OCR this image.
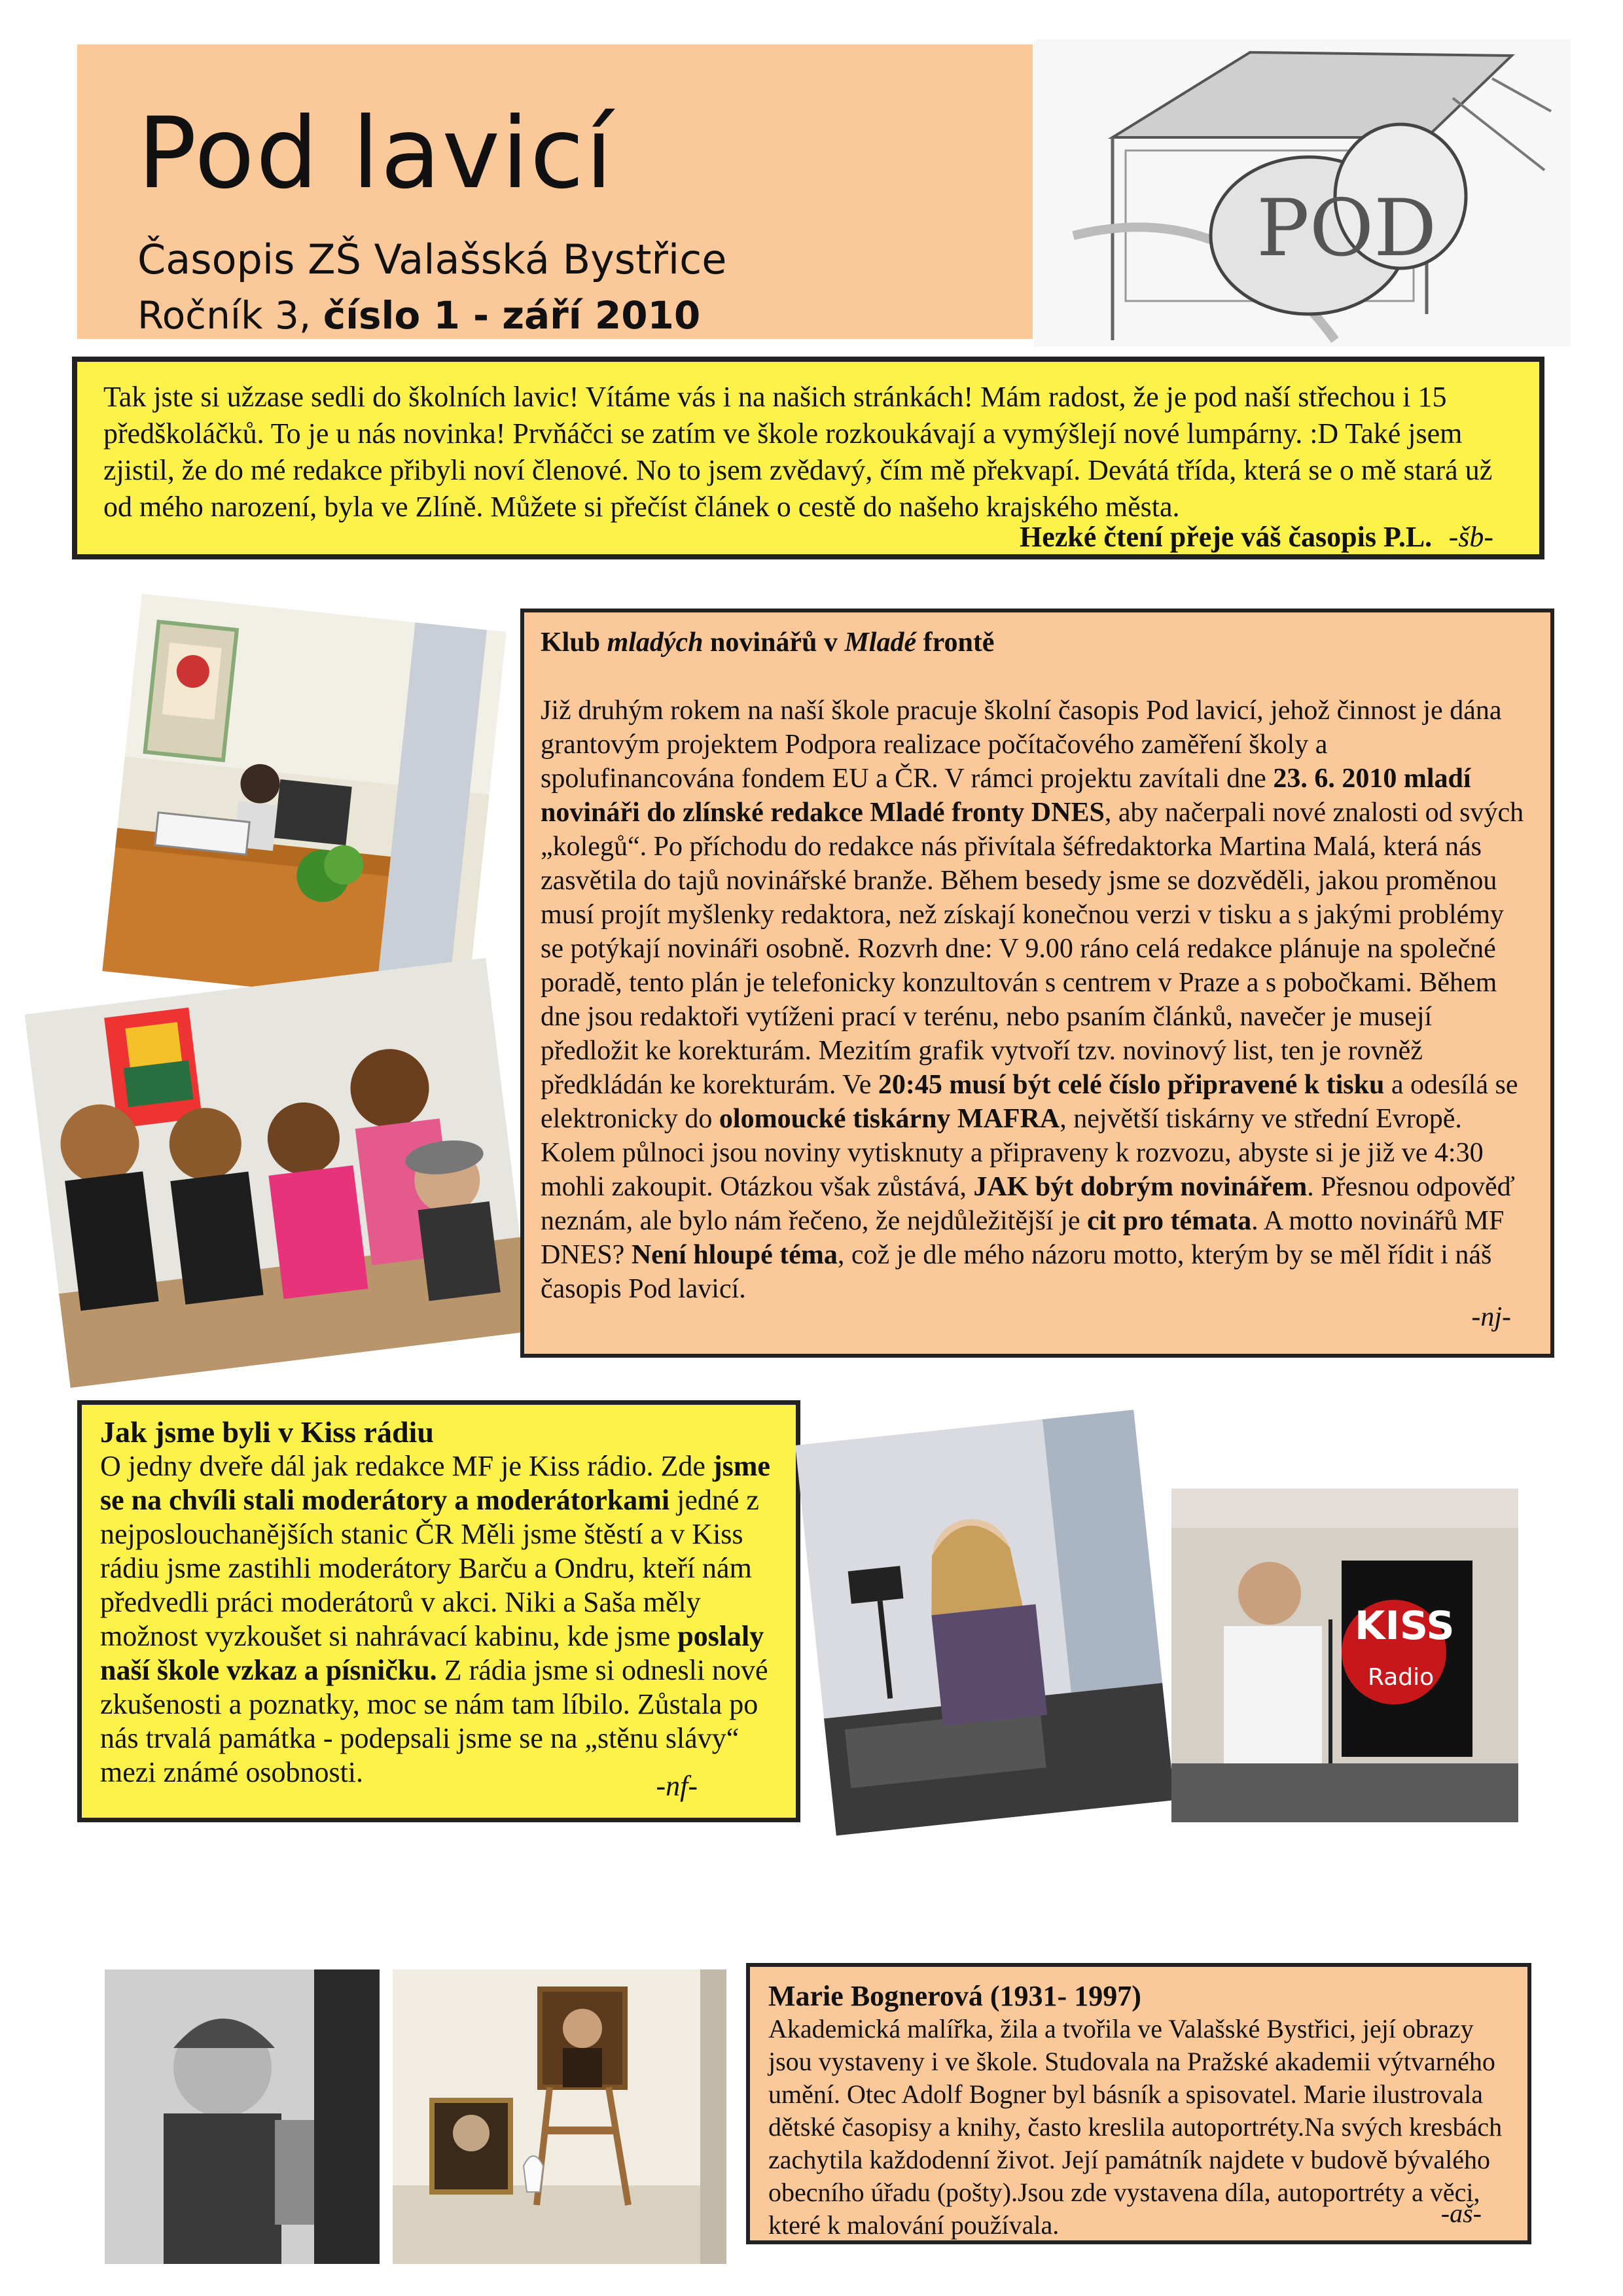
Pod lavicí
Časopis ZŠ Valašská Bystřice
Ročník 3, číslo 1 - září 2010
POD
Tak jste si užzase sedli do školních lavic! Vítáme vás i na našich stránkách! Mám radost, že je pod naší střechou i 15 předškoláčků. To je u nás novinka! Prvňáčci se zatím ve škole rozkoukávají a vymýšlejí nové lumpárny. :D Také jsem zjistil, že do mé redakce přibyli noví členové. No to jsem zvědavý, čím mě překvapí. Devátá třída, která se o mě stará už od mého narození, byla ve Zlíně. Můžete si přečíst článek o cestě do našeho krajského města.
Hezké čtení přeje váš časopis P.L. -šb-
Klub mladých novinářů v Mladé frontě
Již druhým rokem na naší škole pracuje školní časopis Pod lavicí, jehož činnost je dána grantovým projektem Podpora realizace počítačového zaměření školy a spolufinancována fondem EU a ČR. V rámci projektu zavítali dne 23. 6. 2010 mladí novináři do zlínské redakce Mladé fronty DNES, aby načerpali nové znalosti od svých „kolegů“. Po příchodu do redakce nás přivítala šéfredaktorka Martina Malá, která nás zasvětila do tajů novinářské branže. Během besedy jsme se dozvěděli, jakou proměnou musí projít myšlenky redaktora, než získají konečnou verzi v tisku a s jakými problémy se potýkají novináři osobně. Rozvrh dne: V 9.00 ráno celá redakce plánuje na společné poradě, tento plán je telefonicky konzultován s centrem v Praze a s pobočkami. Během dne jsou redaktoři vytíženi prací v terénu, nebo psaním článků, navečer je musejí předložit ke korekturám. Mezitím grafik vytvoří tzv. novinový list, ten je rovněž předkládán ke korekturám. Ve 20:45 musí být celé číslo připravené k tisku a odesílá se elektronicky do olomoucké tiskárny MAFRA, největší tiskárny ve střední Evropě. Kolem půlnoci jsou noviny vytisknuty a připraveny k rozvozu, abyste si je již ve 4:30 mohli zakoupit. Otázkou však zůstává, JAK být dobrým novinářem. Přesnou odpověď neznám, ale bylo nám řečeno, že nejdůležitější je cit pro témata. A motto novinářů MF DNES? Není hloupé téma, což je dle mého názoru motto, kterým by se měl řídit i náš časopis Pod lavicí.
-nj-
Jak jsme byli v Kiss rádiu
O jedny dveře dál jak redakce MF je Kiss rádio. Zde jsme se na chvíli stali moderátory a moderátorkami jedné z nejposlouchanějších stanic ČR Měli jsme štěstí a v Kiss rádiu jsme zastihli moderátory Barču a Ondru, kteří nám předvedli práci moderátorů v akci. Niki a Saša měly možnost vyzkoušet si nahrávací kabinu, kde jsme poslaly naší škole vzkaz a písničku. Z rádia jsme si odnesli nové zkušenosti a poznatky, moc se nám tam líbilo. Zůstala po nás trvalá památka - podepsali jsme se na „stěnu slávy“ mezi známé osobnosti.	-nf-
KISS
Radio
Marie Bognerová (1931- 1997)
Akademická malířka, žila a tvořila ve Valašské Bystřici, její obrazy jsou vystaveny i ve škole. Studovala na Pražské akademii výtvarného umění. Otec Adolf Bogner byl básník a spisovatel. Marie ilustrovala dětské časopisy a knihy, často kreslila autoportréty.Na svých kresbách zachytila každodenní život. Její památník najdete v budově bývalého obecního úřadu (pošty).Jsou zde vystavena díla, autoportréty a věci, které k malování používala.	-aš-
